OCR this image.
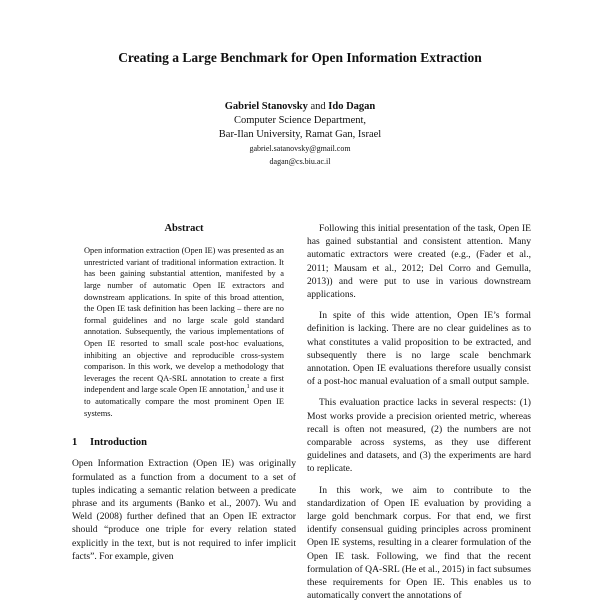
Creating a Large Benchmark for Open Information Extraction
Gabriel Stanovsky and Ido Dagan
Computer Science Department,
Bar-Ilan University, Ramat Gan, Israel
gabriel.satanovsky@gmail.com
dagan@cs.biu.ac.il
Abstract

Open information extraction (Open IE) was presented as an unrestricted variant of traditional information extraction. It has been gaining substantial attention, manifested by a large number of automatic Open IE extractors and downstream applications. In spite of this broad attention, the Open IE task definition has been lacking – there are no formal guidelines and no large scale gold standard annotation. Subsequently, the various implementations of Open IE resorted to small scale post-hoc evaluations, inhibiting an objective and reproducible cross-system comparison. In this work, we develop a methodology that leverages the recent QA-SRL annotation to create a first independent and large scale Open IE annotation,$^1$ and use it to automatically compare the most prominent Open IE systems.

1 Introduction

Open Information Extraction (Open IE) was originally formulated as a function from a document to a set of tuples indicating a semantic relation between a predicate phrase and its arguments (Banko et al., 2007). Wu and Weld (2008) further defined that an Open IE extractor should “produce one triple for every relation stated explicitly in the text, but is not required to infer implicit facts”. For example, given

Following this initial presentation of the task, Open IE has gained substantial and consistent attention. Many automatic extractors were created (e.g., (Fader et al., 2011; Mausam et al., 2012; Del Corro and Gemulla, 2013)) and were put to use in various downstream applications.

In spite of this wide attention, Open IE’s formal definition is lacking. There are no clear guidelines as to what constitutes a valid proposition to be extracted, and subsequently there is no large scale benchmark annotation. Open IE evaluations therefore usually consist of a post-hoc manual evaluation of a small output sample.

This evaluation practice lacks in several respects: (1) Most works provide a precision oriented metric, whereas recall is often not measured, (2) the numbers are not comparable across systems, as they use different guidelines and datasets, and (3) the experiments are hard to replicate.

In this work, we aim to contribute to the standardization of Open IE evaluation by providing a large gold benchmark corpus. For that end, we first identify consensual guiding principles across prominent Open IE systems, resulting in a clearer formulation of the Open IE task. Following, we find that the recent formulation of QA-SRL (He et al., 2015) in fact subsumes these requirements for Open IE. This enables us to automatically convert the annotations of
